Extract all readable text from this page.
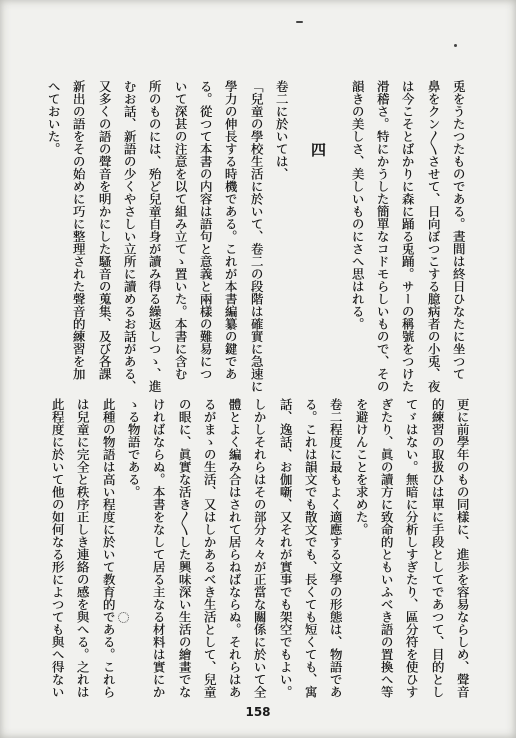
兎をうたつたものである。晝間は終日ひなたに坐つて
鼻をクン〳〵させて、日向ぼつこする臆病者の小兎、夜
は今こそとばかりに森に踊る兎踊。サーの稱號をつけた
滑稽さ。特にかうした簡單なコドモらしいもので、その
韻きの美しさ、美しいものにさへ思はれる。
四
卷二に於いては、
「兒童の學校生活に於いて、卷二の段階は確實に急速に
學力の伸長する時機である。これが本書編纂の鍵であ
る。從つて本書の内容は語句と意義と兩樣の難易につ
いて深甚の注意を以て組み立てゝ置いた。本書に含む
所のものには、殆ど兒童自身が讀み得る繰返しつゝ、進
むお話、新語の少くやさしい立所に讀めるお話がある、
又多くの語の聲音を明かにした騷音の蒐集、及び各課
新出の語をその始めに巧に整理された聲音的練習を加
へておいた。
更に前學年のもの同樣に、進歩を容易ならしめ、聲音
的練習の取扱ひは單に手段としてであつて、目的とし
てゞはない。無暗に分析しすぎたり、區分符を使ひす
ぎたり、眞の讀方に致命的ともいふべき語の置換へ等
を避けんことを求めた。
卷二程度に最もよく適應する文學の形態は、物語であ
る。これは韻文でも散文でも、長くても短くても、寓
話、逸話、お伽噺、又それが實事でも架空でもよい。
しかしそれらはその部分々々が正當な關係に於いて全
體とよく編み合はされて居らねばならぬ。それらはあ
るがまゝの生活、又はしかあるべき生活として、兒童
の眼に、眞實な活き〳〵した興味深い生活の繪畫でな
ければならぬ。本書をなして居る主なる材料は實にか
ゝる物語である。
此種の物語は高い程度に於いて教育的である。これら
は兒童に完全と秩序正しき連絡の感を與へる。之れは
此程度に於いて他の如何なる形によつても與へ得ない
158
